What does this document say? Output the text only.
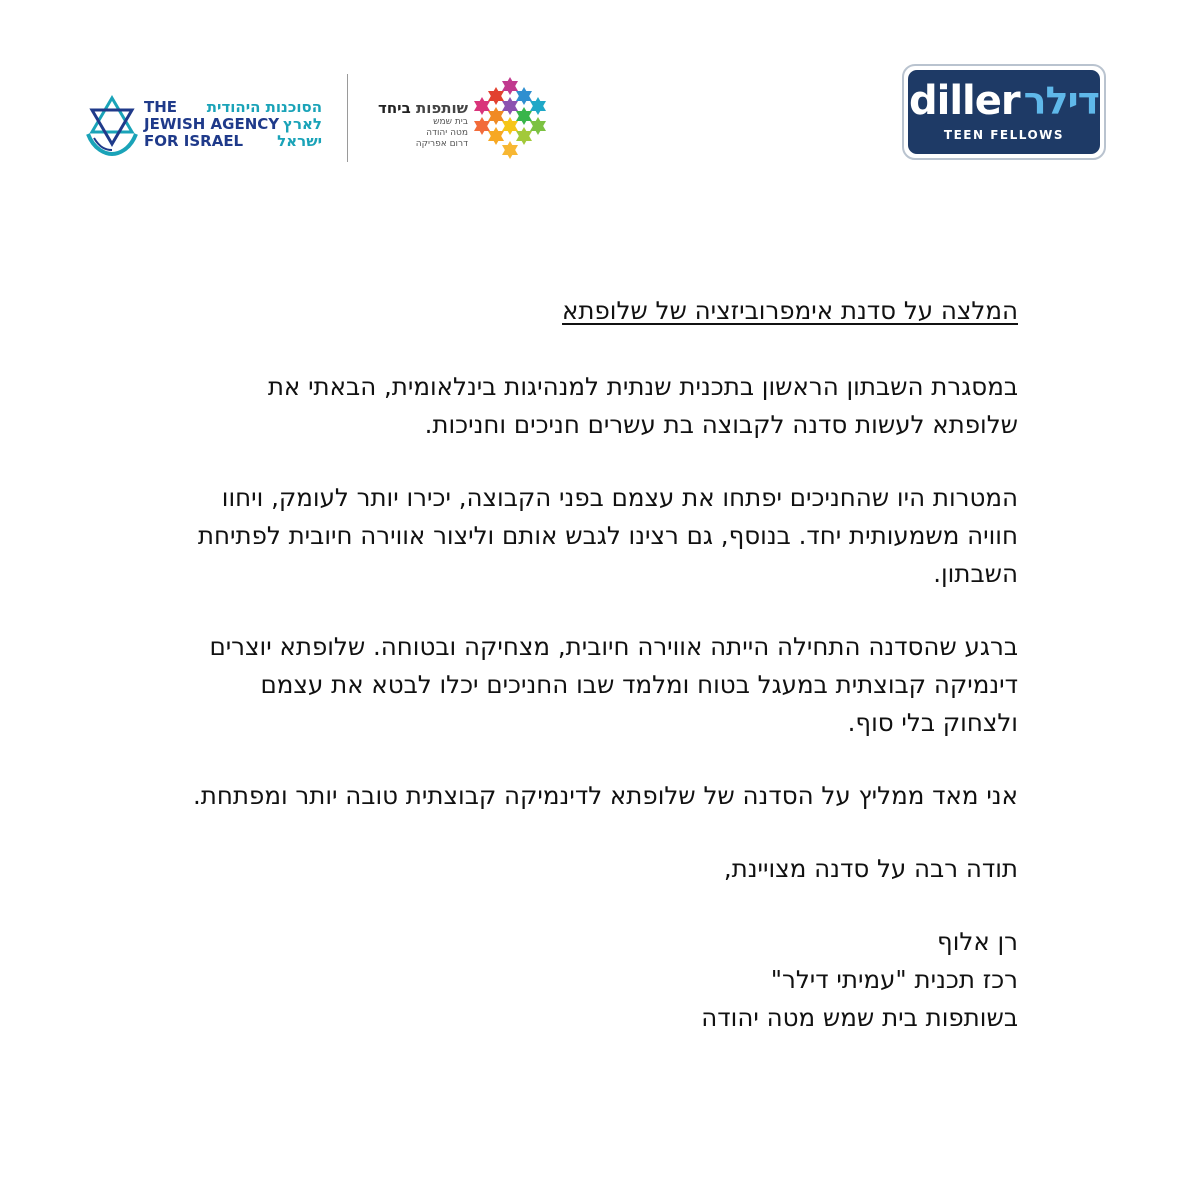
THE הסוכנות היהודית
JEWISH AGENCY לארץ
FOR ISRAEL ישראל
שותפות ביחד
בית שמש
מטה יהודה
דרום אפריקה
diller דילר
TEEN FELLOWS
המלצה על סדנת אימפרוביזציה של שלופתא

במסגרת השבתון הראשון בתכנית שנתית למנהיגות בינלאומית, הבאתי את שלופתא לעשות סדנה לקבוצה בת עשרים חניכים וחניכות.

המטרות היו שהחניכים יפתחו את עצמם בפני הקבוצה, יכירו יותר לעומק, ויחוו חוויה משמעותית יחד. בנוסף, גם רצינו לגבש אותם וליצור אווירה חיובית לפתיחת השבתון.

ברגע שהסדנה התחילה הייתה אווירה חיובית, מצחיקה ובטוחה. שלופתא יוצרים דינמיקה קבוצתית במעגל בטוח ומלמד שבו החניכים יכלו לבטא את עצמם ולצחוק בלי סוף.

אני מאד ממליץ על הסדנה של שלופתא לדינמיקה קבוצתית טובה יותר ומפתחת.

תודה רבה על סדנה מצויינת,

רן אלוף
רכז תכנית "עמיתי דילר"
בשותפות בית שמש מטה יהודה
